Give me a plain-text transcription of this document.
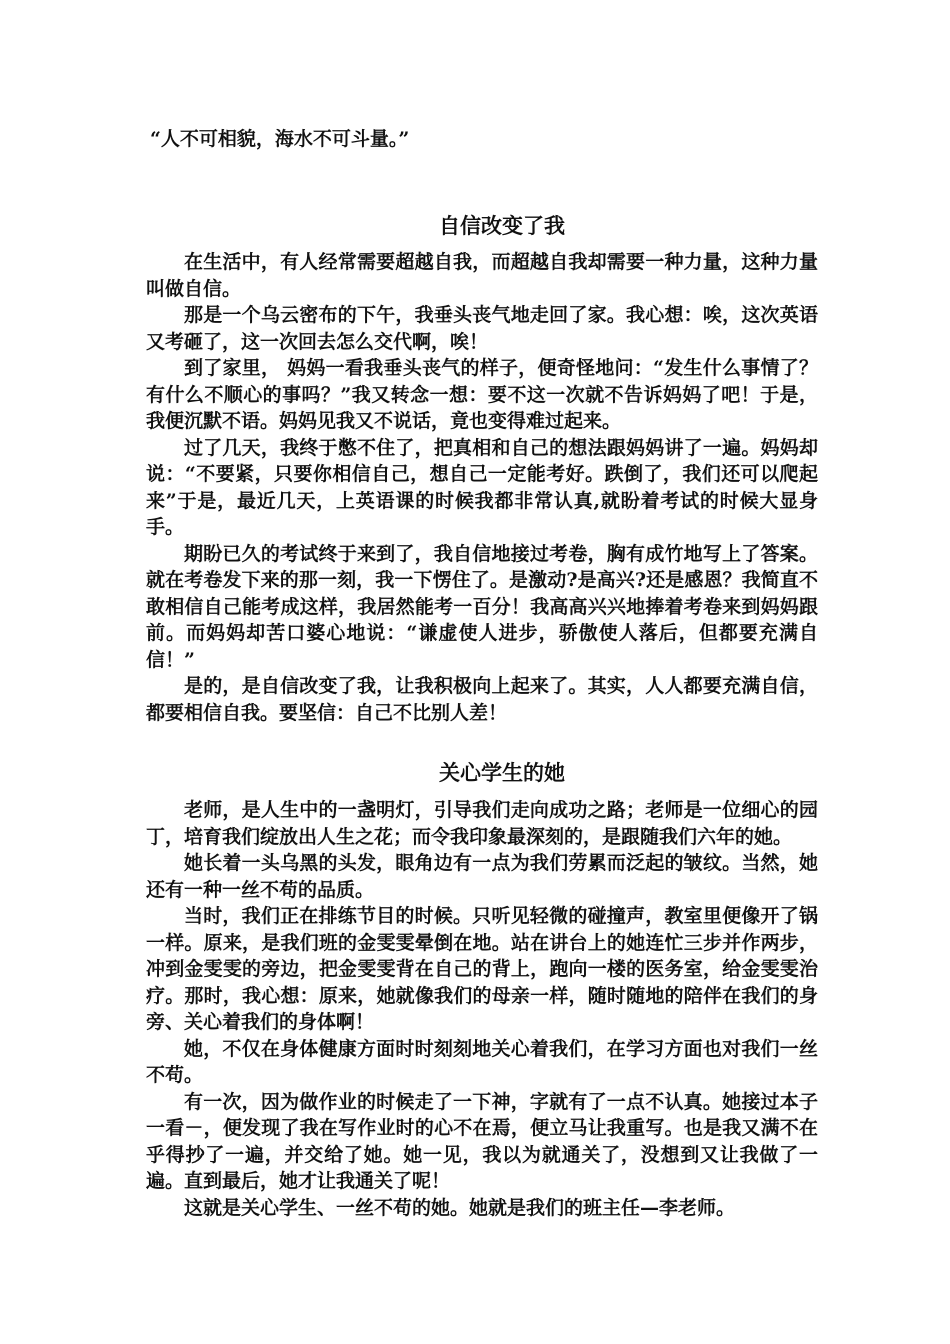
“人不可相貌，海水不可斗量。”
自信改变了我

在生活中，有人经常需要超越自我，而超越自我却需要一种力量，这种力量叫做自信。

那是一个乌云密布的下午，我垂头丧气地走回了家。我心想：唉，这次英语又考砸了，这一次回去怎么交代啊，唉！

到了家里， 妈妈一看我垂头丧气的样子，便奇怪地问：“发生什么事情了？有什么不顺心的事吗？”我又转念一想：要不这一次就不告诉妈妈了吧！于是，我便沉默不语。妈妈见我又不说话，竟也变得难过起来。

过了几天，我终于憋不住了，把真相和自己的想法跟妈妈讲了一遍。妈妈却说：“不要紧，只要你相信自己，想自己一定能考好。跌倒了，我们还可以爬起来”于是，最近几天，上英语课的时候我都非常认真,就盼着考试的时候大显身手。

期盼已久的考试终于来到了，我自信地接过考卷，胸有成竹地写上了答案。就在考卷发下来的那一刻，我一下愣住了。是激动?是高兴?还是感恩？我简直不敢相信自己能考成这样，我居然能考一百分！我高高兴兴地捧着考卷来到妈妈跟前。而妈妈却苦口婆心地说：“谦虚使人进步，骄傲使人落后，但都要充满自信！”

是的，是自信改变了我，让我积极向上起来了。其实，人人都要充满自信，都要相信自我。要坚信：自己不比别人差！

关心学生的她

老师，是人生中的一盏明灯，引导我们走向成功之路；老师是一位细心的园丁，培育我们绽放出人生之花；而令我印象最深刻的，是跟随我们六年的她。

她长着一头乌黑的头发，眼角边有一点为我们劳累而泛起的皱纹。当然，她还有一种一丝不苟的品质。

当时，我们正在排练节目的时候。只听见轻微的碰撞声，教室里便像开了锅一样。原来，是我们班的金雯雯晕倒在地。站在讲台上的她连忙三步并作两步，冲到金雯雯的旁边，把金雯雯背在自己的背上，跑向一楼的医务室，给金雯雯治疗。那时，我心想：原来，她就像我们的母亲一样，随时随地的陪伴在我们的身旁、关心着我们的身体啊！

她，不仅在身体健康方面时时刻刻地关心着我们，在学习方面也对我们一丝不苟。

有一次，因为做作业的时候走了一下神，字就有了一点不认真。她接过本子一看－，便发现了我在写作业时的心不在焉，便立马让我重写。也是我又满不在乎得抄了一遍，并交给了她。她一见，我以为就通关了，没想到又让我做了一遍。直到最后，她才让我通关了呢！

这就是关心学生、一丝不苟的她。她就是我们的班主任—李老师。
